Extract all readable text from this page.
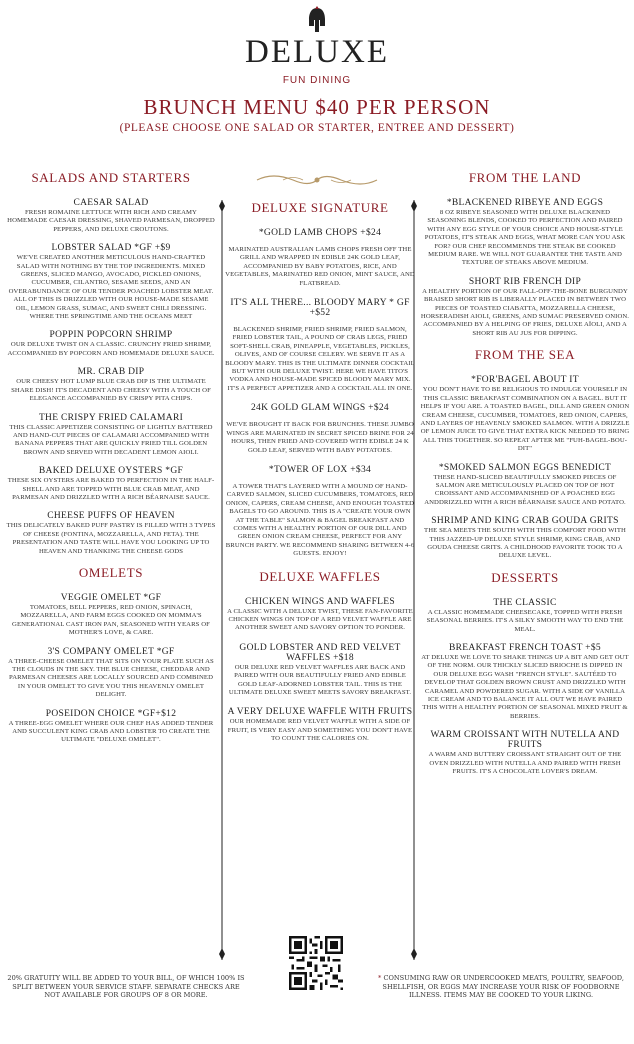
DELUXE
FUN DINING
BRUNCH MENU $40 PER PERSON
(PLEASE CHOOSE ONE SALAD OR STARTER, ENTREE AND DESSERT)
SALADS AND STARTERS
CAESAR SALAD
FRESH ROMAINE LETTUCE WITH RICH AND CREAMY HOMEMADE CAESAR DRESSING, SHAVED PARMESAN, DROPPED PEPPERS, AND DELUXE CROUTONS.
LOBSTER SALAD *GF +$9
WE'VE CREATED ANOTHER METICULOUS HAND-CRAFTED SALAD WITH NOTHING BY THE TOP INGREDIENTS. MIXED GREENS, SLICED MANGO, AVOCADO, PICKLED ONIONS, CUCUMBER, CILANTRO, SESAME SEEDS, AND AN OVERABUNDANCE OF OUR TENDER POACHED LOBSTER MEAT. ALL OF THIS IS DRIZZLED WITH OUR HOUSE-MADE SESAME OIL, LEMON GRASS, SUMAC, AND SWEET CHILI DRESSING. WHERE THE SPRINGTIME AND THE OCEANS MEET
POPPIN POPCORN SHRIMP
OUR DELUXE TWIST ON A CLASSIC. CRUNCHY FRIED SHRIMP, ACCOMPANIED BY POPCORN AND HOMEMADE DELUXE SAUCE.
MR. CRAB DIP
OUR CHEESY HOT LUMP BLUE CRAB DIP IS THE ULTIMATE SHARE DISH! IT'S DECADENT AND CHEESY WITH A TOUCH OF ELEGANCE ACCOMPANIED BY CRISPY PITA CHIPS.
THE CRISPY FRIED CALAMARI
THIS CLASSIC APPETIZER CONSISTING OF LIGHTLY BATTERED AND HAND-CUT PIECES OF CALAMARI ACCOMPANIED WITH BANANA PEPPERS THAT ARE QUICKLY FRIED TILL GOLDEN BROWN AND SERVED WITH DECADENT LEMON AIOLI.
BAKED DELUXE OYSTERS *GF
THESE SIX OYSTERS ARE BAKED TO PERFECTION IN THE HALF-SHELL AND ARE TOPPED WITH BLUE CRAB MEAT, AND PARMESAN AND DRIZZLED WITH A RICH BÉARNAISE SAUCE.
CHEESE PUFFS OF HEAVEN
THIS DELICATELY BAKED PUFF PASTRY IS FILLED WITH 3 TYPES OF CHEESE (FONTINA, MOZZARELLA, AND FETA). THE PRESENTATION AND TASTE WILL HAVE YOU LOOKING UP TO HEAVEN AND THANKING THE CHEESE GODS
OMELETS
VEGGIE OMELET *GF
TOMATOES, BELL PEPPERS, RED ONION, SPINACH, MOZZARELLA, AND FARM EGGS COOKED ON MOMMA'S GENERATIONAL CAST IRON PAN, SEASONED WITH YEARS OF MOTHER'S LOVE, & CARE.
3'S COMPANY OMELET *GF
A THREE-CHEESE OMELET THAT SITS ON YOUR PLATE SUCH AS THE CLOUDS IN THE SKY. THE BLUE CHEESE, CHEDDAR AND PARMESAN CHEESES ARE LOCALLY SOURCED AND COMBINED IN YOUR OMELET TO GIVE YOU THIS HEAVENLY OMELET DELIGHT.
POSEIDON CHOICE *GF+$12
A THREE-EGG OMELET WHERE OUR CHEF HAS ADDED TENDER AND SUCCULENT KING CRAB AND LOBSTER TO CREATE THE ULTIMATE "DELUXE OMELET".
DELUXE SIGNATURE
*GOLD LAMB CHOPS +$24
MARINATED AUSTRALIAN LAMB CHOPS FRESH OFF THE GRILL AND WRAPPED IN EDIBLE 24K GOLD LEAF, ACCOMPANIED BY BABY POTATOES, RICE, AND VEGETABLES, MARINATED RED ONION, MINT SAUCE, AND FLATBREAD.
IT'S ALL THERE... BLOODY MARY * GF +$52
BLACKENED SHRIMP, FRIED SHRIMP, FRIED SALMON, FRIED LOBSTER TAIL, A POUND OF CRAB LEGS, FRIED SOFT-SHELL CRAB, PINEAPPLE, VEGETABLES, PICKLES, OLIVES, AND OF COURSE CELERY. WE SERVE IT AS A BLOODY MARY. THIS IS THE ULTIMATE DINNER COCKTAIL BUT WITH OUR DELUXE TWIST. HERE WE HAVE TITO'S VODKA AND HOUSE-MADE SPICED BLOODY MARY MIX. IT'S A PERFECT APPETIZER AND A COCKTAIL ALL IN ONE.
24K GOLD GLAM WINGS +$24
WE'VE BROUGHT IT BACK FOR BRUNCHES. THESE JUMBO WINGS ARE MARINATED IN SECRET SPICED BRINE FOR 24 HOURS, THEN FRIED AND COVERED WITH EDIBLE 24 K GOLD LEAF, SERVED WITH BABY POTATOES.
*TOWER OF LOX +$34
A TOWER THAT'S LAYERED WITH A MOUND OF HAND-CARVED SALMON, SLICED CUCUMBERS, TOMATOES, RED ONION, CAPERS, CREAM CHEESE, AND ENOUGH TOASTED BAGELS TO GO AROUND. THIS IS A "CREATE YOUR OWN AT THE TABLE" SALMON & BAGEL BREAKFAST AND COMES WITH A HEALTHY PORTION OF OUR DILL AND GREEN ONION CREAM CHEESE, PERFECT FOR ANY BRUNCH PARTY. WE RECOMMEND SHARING BETWEEN 4-6 GUESTS. ENJOY!
DELUXE WAFFLES
CHICKEN WINGS AND WAFFLES
A CLASSIC WITH A DELUXE TWIST, THESE FAN-FAVORITE CHICKEN WINGS ON TOP OF A RED VELVET WAFFLE ARE ANOTHER SWEET AND SAVORY OPTION TO PONDER.
GOLD LOBSTER AND RED VELVET WAFFLES +$18
OUR DELUXE RED VELVET WAFFLES ARE BACK AND PAIRED WITH OUR BEAUTIFULLY FRIED AND EDIBLE GOLD LEAF-ADORNED LOBSTER TAIL. THIS IS THE ULTIMATE DELUXE SWEET MEETS SAVORY BREAKFAST.
A VERY DELUXE WAFFLE WITH FRUITS
OUR HOMEMADE RED VELVET WAFFLE WITH A SIDE OF FRUIT, IS VERY EASY AND SOMETHING YOU DON'T HAVE TO COUNT THE CALORIES ON.
FROM THE LAND
*BLACKENED RIBEYE AND EGGS
8 OZ RIBEYE SEASONED WITH DELUXE BLACKENED SEASONING BLENDS, COOKED TO PERFECTION AND PAIRED WITH ANY EGG STYLE OF YOUR CHOICE AND HOUSE-STYLE POTATOES, IT'S STEAK AND EGGS, WHAT MORE CAN YOU ASK FOR? OUR CHEF RECOMMENDS THE STEAK BE COOKED MEDIUM RARE. WE WILL NOT GUARANTEE THE TASTE AND TEXTURE OF STEAKS ABOVE MEDIUM.
SHORT RIB FRENCH DIP
A HEALTHY PORTION OF OUR FALL-OFF-THE-BONE BURGUNDY BRAISED SHORT RIB IS LIBERALLY PLACED IN BETWEEN TWO PIECES OF TOASTED CIABATTA, MOZZARELLA CHEESE, HORSERADISH AIOLI, GREENS, AND SUMAC PRESERVED ONION. ACCOMPANIED BY A HELPING OF FRIES, DELUXE AÏOLI, AND A SHORT RIB AU JUS FOR DIPPING.
FROM THE SEA
*FOR'BAGEL ABOUT IT
YOU DON'T HAVE TO BE RELIGIOUS TO INDULGE YOURSELF IN THIS CLASSIC BREAKFAST COMBINATION ON A BAGEL. BUT IT HELPS IF YOU ARE. A TOASTED BAGEL, DILL AND GREEN ONION CREAM CHEESE, CUCUMBER, TOMATOES, RED ONION, CAPERS, AND LAYERS OF HEAVENLY SMOKED SALMON. WITH A DRIZZLE OF LEMON JUICE TO GIVE THAT EXTRA KICK NEEDED TO BRING ALL THIS TOGETHER. SO REPEAT AFTER ME "FUH-BAGEL-BOU-DIT"
*SMOKED SALMON EGGS BENEDICT
THESE HAND-SLICED BEAUTIFULLY SMOKED PIECES OF SALMON ARE METICULOUSLY PLACED ON TOP OF HOT CROISSANT AND ACCOMPANISHED OF A POACHED EGG ANDDRIZZLED WITH A RICH BÉARNAISE SAUCE AND POTATO.
SHRIMP AND KING CRAB GOUDA GRITS
THE SEA MEETS THE SOUTH WITH THIS COMFORT FOOD WITH THIS JAZZED-UP DELUXE STYLE SHRIMP, KING CRAB, AND GOUDA CHEESE GRITS. A CHILDHOOD FAVORITE TOOK TO A DELUXE LEVEL.
DESSERTS
THE CLASSIC
A CLASSIC HOMEMADE CHEESECAKE, TOPPED WITH FRESH SEASONAL BERRIES. IT'S A SILKY SMOOTH WAY TO END THE MEAL.
BREAKFAST FRENCH TOAST +$5
AT DELUXE WE LOVE TO SHAKE THINGS UP A BIT AND GET OUT OF THE NORM. OUR THICKLY SLICED BRIOCHE IS DIPPED IN OUR DELUXE EGG WASH "FRENCH STYLE". SAUTÉED TO DEVELOP THAT GOLDEN BROWN CRUST AND DRIZZLED WITH CARAMEL AND POWDERED SUGAR. WITH A SIDE OF VANILLA ICE CREAM AND TO BALANCE IT ALL OUT WE HAVE PAIRED THIS WITH A HEALTHY PORTION OF SEASONAL MIXED FRUIT & BERRIES.
WARM CROISSANT WITH NUTELLA AND FRUITS
A WARM AND BUTTERY CROISSANT STRAIGHT OUT OF THE OVEN DRIZZLED WITH NUTELLA AND PAIRED WITH FRESH FRUITS. IT'S A CHOCOLATE LOVER'S DREAM.
20% GRATUITY WILL BE ADDED TO YOUR BILL, OF WHICH 100% IS SPLIT BETWEEN YOUR SERVICE STAFF. SEPARATE CHECKS ARE NOT AVAILABLE FOR GROUPS OF 8 OR MORE.
* CONSUMING RAW OR UNDERCOOKED MEATS, POULTRY, SEAFOOD, SHELLFISH, OR EGGS MAY INCREASE YOUR RISK OF FOODBORNE ILLNESS. ITEMS MAY BE COOKED TO YOUR LIKING.
